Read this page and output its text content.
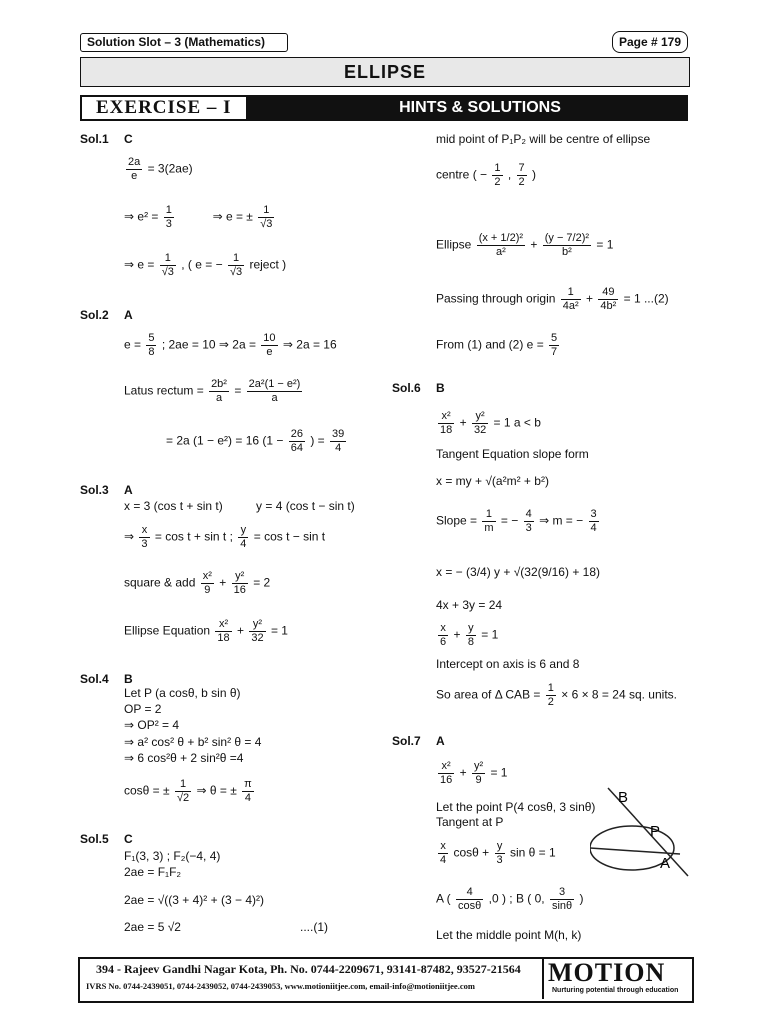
Solution Slot – 3 (Mathematics)	Page # 179
ELLIPSE
EXERCISE – I	HINTS & SOLUTIONS
Sol.1 C
$\frac{2a}{e} = 3(2ae)$
⇒ $e^2 = \frac{1}{3}$	⇒ e = ± $\frac{1}{√3}$
⇒ $e = \frac{1}{√3}$ , ( e = − $\frac{1}{√3}$ reject )
Sol.2 A
$e = \frac{5}{8}$ ; 2ae = 10 ⇒ $2a = \frac{10}{e}$ ⇒ 2a = 16
Latus rectum = $\frac{\text{2b²}}{a} = \frac{\text{2a²(1 − e²)}}{a}$
= 2a (1 − e²) = 16 ($1 - \frac{26}{64}$ ) = $\frac{39}{4}$
Sol.3 A
x = 3 (cos t + sin t)          y = 4 (cos t − sin t)
⇒ $\frac{x}{3} = \cos t + \sin t$ ; $\frac{y}{4} = \cos t - \sin t$
square & add $\frac{\text{x²}}{9} + \frac{\text{y²}}{16} = 2$
Ellipse Equation $\frac{\text{x²}}{18} + \frac{\text{y²}}{32} = 1$
Sol.4 B
Let P (a cosθ, b sin θ)
OP = 2
⇒ OP² = 4
⇒ a² cos² θ + b² sin² θ = 4
⇒ 6 cos²θ + 2 sin²θ =4
cosθ = ± $\frac{1}{√2}$ ⇒ θ = ± $\frac{\pi}{4}$
Sol.5 C
F₁(3, 3) ; F₂(−4, 4)
2ae = F₁F₂
2ae = √((3 + 4)² + (3 − 4)²)
2ae = 5 √2	....(1)
mid point of P₁P₂ will be centre of ellipse
centre ( − $\frac{1}{2}$ , $\frac{7}{2}$ )
Ellipse $\frac{\text{(x + 1/2)²}}{\text{a²}} + \frac{\text{(y − 7/2)²}}{\text{b²}} = 1$
Passing through origin $\frac{1}{\text{4a²}} + \frac{49}{\text{4b²}} = 1$ ...(2)
From (1) and (2) $e = \frac{5}{7}$
Sol.6 B
$\frac{\text{x²}}{18} + \frac{\text{y²}}{32} = 1$ a < b
Tangent Equation slope form
x = my + √(a²m² + b²)
Slope = $\frac{1}{m}$ = − $\frac{4}{3}$ ⇒ m = − $\frac{3}{4}$
x = − (3/4) y + √(32(9/16) + 18)
4x + 3y = 24
$\frac{x}{6} + \frac{y}{8} = 1$
Intercept on axis is 6 and 8
So area of Δ CAB = $\frac{1}{2} \times 6 \times 8 = 24$ sq. units.
Sol.7 A
$\frac{\text{x²}}{16} + \frac{\text{y²}}{9} = 1$
Let the point P(4 cosθ, 3 sinθ)
Tangent at P
$\frac{x}{4}$ $\cos\theta + \frac{y}{3}$ sin θ = 1
A ( $\frac{4}{\cos\theta} ,0$ ) ; B ( 0, $\frac{3}{\sin\theta}$ )
Let the middle point M(h, k)
B
P
A
394 - Rajeev Gandhi Nagar Kota, Ph. No. 0744-2209671, 93141-87482, 93527-21564
IVRS No. 0744-2439051, 0744-2439052, 0744-2439053, www.motioniitjee.com, email-info@motioniitjee.com	MOTION
Nurturing potential through education
